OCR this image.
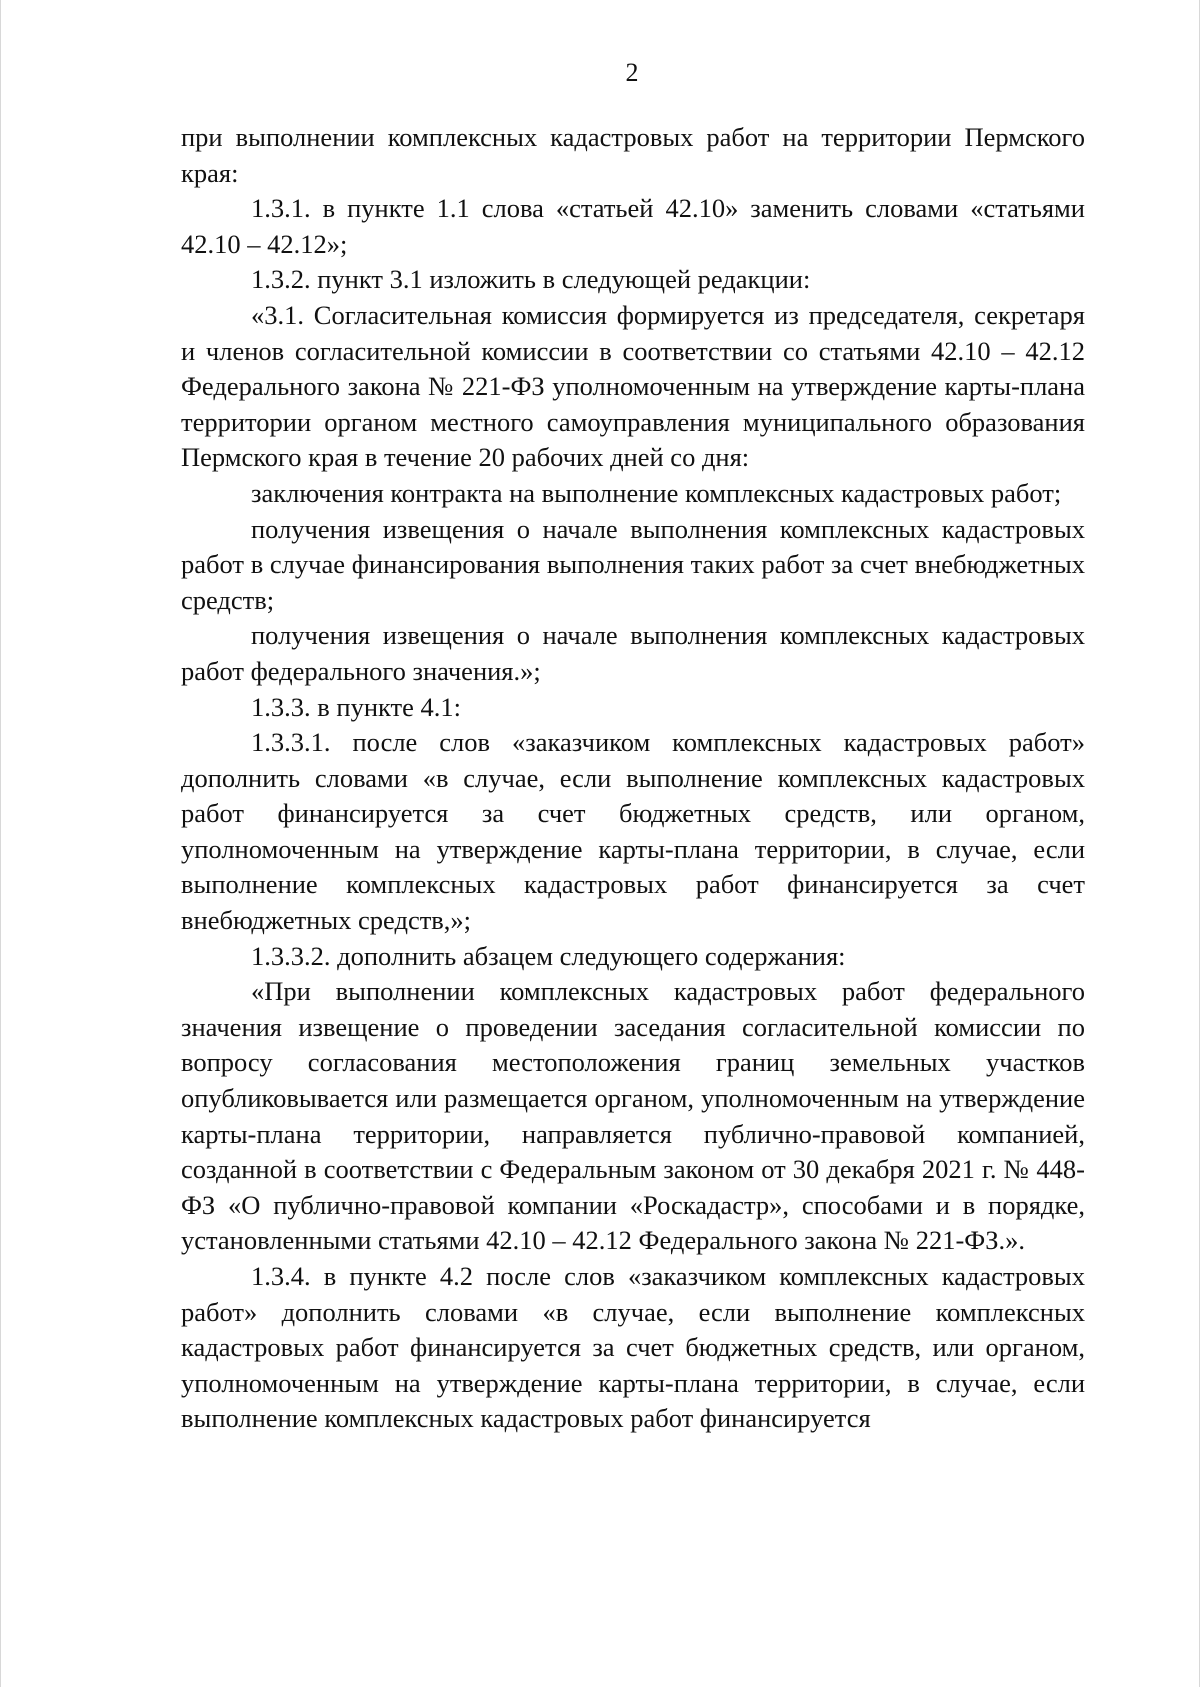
2

при выполнении комплексных кадастровых работ на территории Пермского края:

1.3.1. в пункте 1.1 слова «статьей 42.10» заменить словами «статьями 42.10 – 42.12»;

1.3.2. пункт 3.1 изложить в следующей редакции:

«3.1. Согласительная комиссия формируется из председателя, секретаря и членов согласительной комиссии в соответствии со статьями 42.10 – 42.12 Федерального закона № 221-ФЗ уполномоченным на утверждение карты-плана территории органом местного самоуправления муниципального образования Пермского края в течение 20 рабочих дней со дня:

заключения контракта на выполнение комплексных кадастровых работ;

получения извещения о начале выполнения комплексных кадастровых работ в случае финансирования выполнения таких работ за счет внебюджетных средств;

получения извещения о начале выполнения комплексных кадастровых работ федерального значения.»;

1.3.3. в пункте 4.1:

1.3.3.1. после слов «заказчиком комплексных кадастровых работ» дополнить словами «в случае, если выполнение комплексных кадастровых работ финансируется за счет бюджетных средств, или органом, уполномоченным на утверждение карты-плана территории, в случае, если выполнение комплексных кадастровых работ финансируется за счет внебюджетных средств,»;

1.3.3.2. дополнить абзацем следующего содержания:

«При выполнении комплексных кадастровых работ федерального значения извещение о проведении заседания согласительной комиссии по вопросу согласования местоположения границ земельных участков опубликовывается или размещается органом, уполномоченным на утверждение карты-плана территории, направляется публично-правовой компанией, созданной в соответствии с Федеральным законом от 30 декабря 2021 г. № 448-ФЗ «О публично-правовой компании «Роскадастр», способами и в порядке, установленными статьями 42.10 – 42.12 Федерального закона № 221-ФЗ.».

1.3.4. в пункте 4.2 после слов «заказчиком комплексных кадастровых работ» дополнить словами «в случае, если выполнение комплексных кадастровых работ финансируется за счет бюджетных средств, или органом, уполномоченным на утверждение карты-плана территории, в случае, если выполнение комплексных кадастровых работ финансируется
